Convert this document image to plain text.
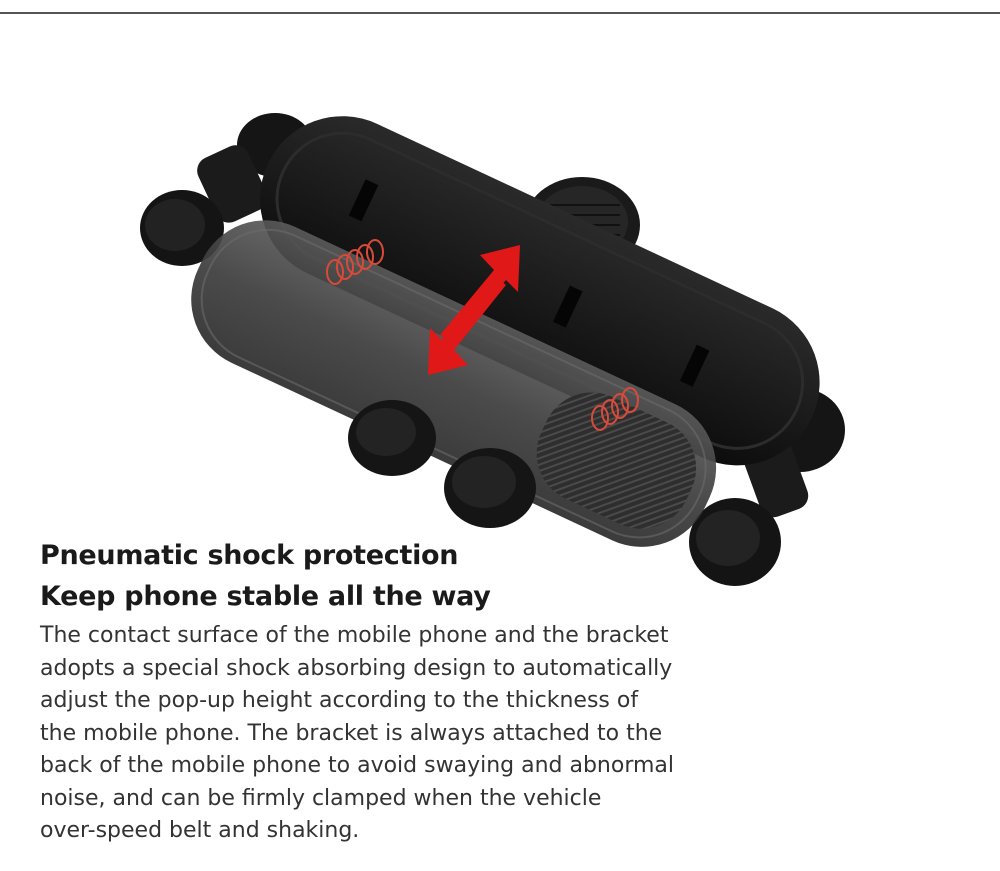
Pneumatic shock protection
Keep phone stable all the way

The contact surface of the mobile phone and the bracket
adopts a special shock absorbing design to automatically
adjust the pop-up height according to the thickness of
the mobile phone. The bracket is always attached to the
back of the mobile phone to avoid swaying and abnormal
noise, and can be firmly clamped when the vehicle
over-speed belt and shaking.
